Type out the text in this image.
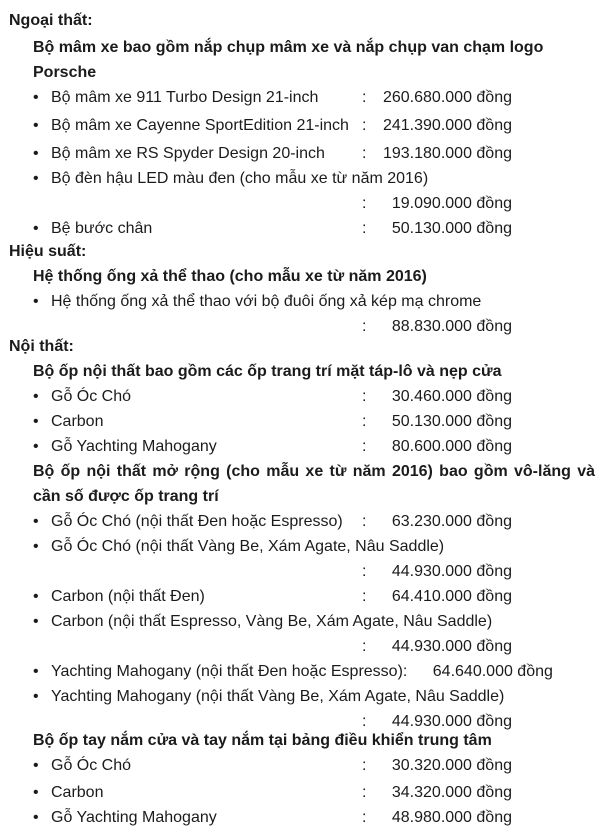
Ngoại thất:
Bộ mâm xe bao gồm nắp chụp mâm xe và nắp chụp van chạm logo Porsche
• Bộ mâm xe 911 Turbo Design 21-inch	: 260.680.000 đồng
• Bộ mâm xe Cayenne SportEdition 21-inch : 241.390.000 đồng
• Bộ mâm xe RS Spyder Design 20-inch	: 193.180.000 đồng
• Bộ đèn hậu LED màu đen (cho mẫu xe từ năm 2016)
: 19.090.000 đồng
• Bệ bước chân	: 50.130.000 đồng
Hiệu suất:
Hệ thống ống xả thể thao (cho mẫu xe từ năm 2016)
• Hệ thống ống xả thể thao với bộ đuôi ống xả kép mạ chrome
: 88.830.000 đồng
Nội thất:
Bộ ốp nội thất bao gồm các ốp trang trí mặt táp-lô và nẹp cửa
• Gỗ Óc Chó	: 30.460.000 đồng
• Carbon	: 50.130.000 đồng
• Gỗ Yachting Mahogany	: 80.600.000 đồng
Bộ ốp nội thất mở rộng (cho mẫu xe từ năm 2016) bao gồm vô-lăng và cần số được ốp trang trí
• Gỗ Óc Chó (nội thất Đen hoặc Espresso)	: 63.230.000 đồng
• Gỗ Óc Chó (nội thất Vàng Be, Xám Agate, Nâu Saddle)
: 44.930.000 đồng
• Carbon (nội thất Đen)	: 64.410.000 đồng
• Carbon (nội thất Espresso, Vàng Be, Xám Agate, Nâu Saddle)
: 44.930.000 đồng
• Yachting Mahogany (nội thất Đen hoặc Espresso) : 64.640.000 đồng
• Yachting Mahogany (nội thất Vàng Be, Xám Agate, Nâu Saddle)
: 44.930.000 đồng
Bộ ốp tay nắm cửa và tay nắm tại bảng điều khiển trung tâm
• Gỗ Óc Chó	: 30.320.000 đồng
• Carbon	: 34.320.000 đồng
• Gỗ Yachting Mahogany	: 48.980.000 đồng
